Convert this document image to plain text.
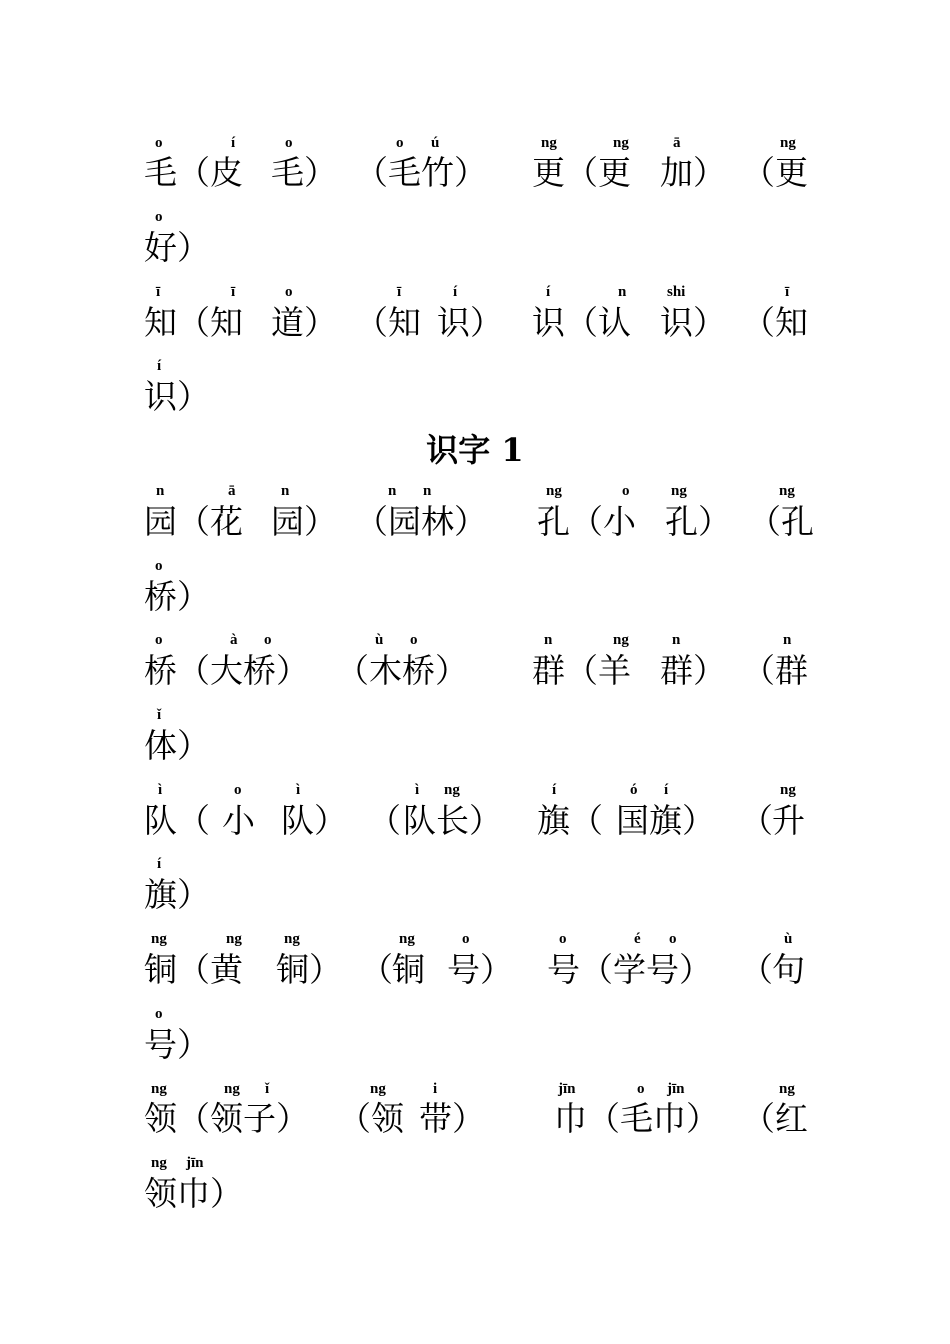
o	í	o	o ú	ng	ng	ā	ng
毛（皮 毛） （毛竹） 更（更 加） （更
o
好）
ī	ī	o	ī	í	í	n	shi	ī
知（知 道） （知 识） 识（认 识） （知
í
识）
识字 1
n	ā	n	n n	ng	o	ng	ng
园（花 园） （园林） 孔（小 孔） （孔
o
桥）
o	à o	ù o	n	ng	n	n
桥（大桥） （木桥） 群（羊 群） （群
ǐ
体）
ì	o	ì	ì ng	í	ó í	ng
队（ 小 队） （ 队长） 旗（ 国旗） （ 升
í
旗）
ng	ng	ng	ng	o	o	é o	ù
铜（黄 铜） （ 铜 号） 号（学号） （ 句
o
号）
ng	ng ǐ	ng	i	jīn	o jīn	ng
领（领子） （领 带） 巾（毛巾） （红
ng jīn
领巾）
